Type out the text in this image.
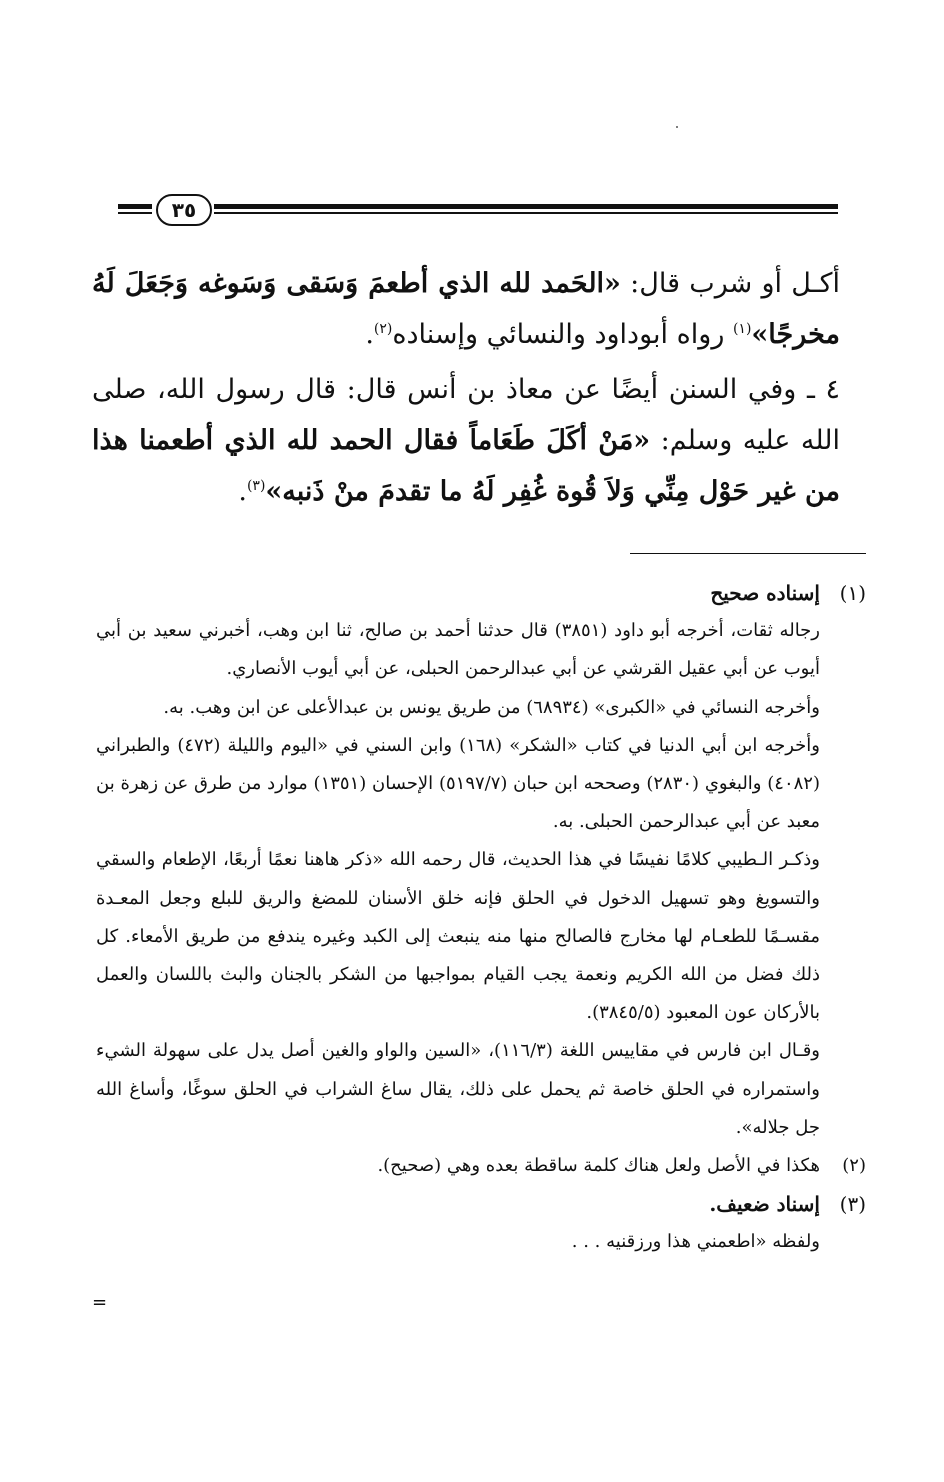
٣٥

أكـل أو شرب قال: «الحَمد لله الذي أطعمَ وَسَقى وَسَوغه وَجَعَلَ لَهُ مخرجًا»$^{(١)}$ رواه أبوداود والنسائي وإسناده$^{(٢)}$.

٤ ـ وفي السنن أيضًا عن معاذ بن أنس قال: قال رسول الله، صلى الله عليه وسلم: «مَنْ أكَلَ طَعَاماً فقال الحمد لله الذي أطعمنا هذا من غير حَوْل مِنِّي وَلاَ قُوة غُفِر لَهُ ما تقدمَ منْ ذَنبه»$^{(٣)}$.

(١)إسناده صحيح

رجاله ثقات، أخرجه أبو داود (٣٨٥١) قال حدثنا أحمد بن صالح، ثنا ابن وهب، أخبرني سعيد بن أبي أيوب عن أبي عقيل القرشي عن أبي عبدالرحمن الحبلى، عن أبي أيوب الأنصاري.

وأخرجه النسائي في «الكبرى» (٦٨٩٣٤) من طريق يونس بن عبدالأعلى عن ابن وهب. به.

وأخرجه ابن أبي الدنيا في كتاب «الشكر» (١٦٨) وابن السني في «اليوم والليلة (٤٧٢) والطبراني (٤٠٨٢) والبغوي (٢٨٣٠) وصححه ابن حبان (٥١٩٧/٧) الإحسان (١٣٥١) موارد من طرق عن زهرة بن معبد عن أبي عبدالرحمن الحبلى. به.

وذكـر الـطيبي كلامًا نفيسًا في هذا الحديث، قال رحمه الله «ذكر هاهنا نعمًا أربعًا، الإطعام والسقي والتسويغ وهو تسهيل الدخول في الحلق فإنه خلق الأسنان للمضغ والريق للبلع وجعل المعـدة مقسـمًا للطعـام لها مخارج فالصالح منها منه ينبعث إلى الكبد وغيره يندفع من طريق الأمعاء. كل ذلك فضل من الله الكريم ونعمة يجب القيام بمواجبها من الشكر بالجنان والبث باللسان والعمل بالأركان عون المعبود (٣٨٤٥/٥).

وقـال ابن فارس في مقاييس اللغة (١١٦/٣)، «السين والواو والغين أصل يدل على سهولة الشيء واستمراره في الحلق خاصة ثم يحمل على ذلك، يقال ساغ الشراب في الحلق سوغًا، وأساغ الله جل جلاله».

(٢)هكذا في الأصل ولعل هناك كلمة ساقطة بعده وهي (صحيح).

(٣)إسناد ضعيف.

ولفظه «اطعمني هذا ورزقنيه . . .

=
